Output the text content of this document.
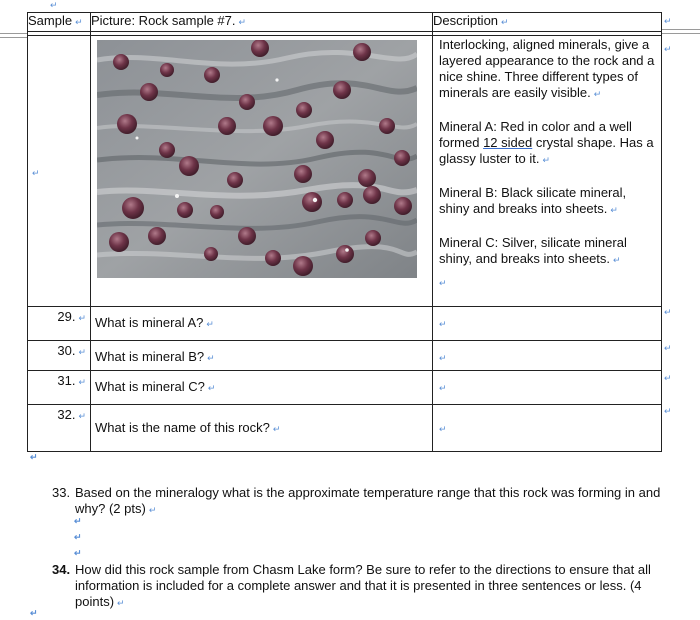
↵
Sample ↵	Picture: Rock sample #7. ↵	Description ↵

↵		Interlocking, aligned minerals, give a layered appearance to the rock and a nice shine. Three different types of minerals are easily visible. ↵

Mineral A: Red in color and a well formed 12 sided crystal shape. Has a glassy luster to it. ↵

Mineral B: Black silicate mineral, shiny and breaks into sheets. ↵

Mineral C: Silver, silicate mineral shiny, and breaks into sheets. ↵

↵

29. ↵	What is mineral A? ↵	↵
30. ↵	What is mineral B? ↵	↵
31. ↵	What is mineral C? ↵	↵
32. ↵	What is the name of this rock? ↵	↵
↵
↵
↵
↵
↵
↵
↵
33. Based on the mineralogy what is the approximate temperature range that this rock was forming in and why? (2 pts) ↵
↵
↵
↵
34. How did this rock sample from Chasm Lake form? Be sure to refer to the directions to ensure that all information is included for a complete answer and that it is presented in three sentences or less. (4 points) ↵
↵
